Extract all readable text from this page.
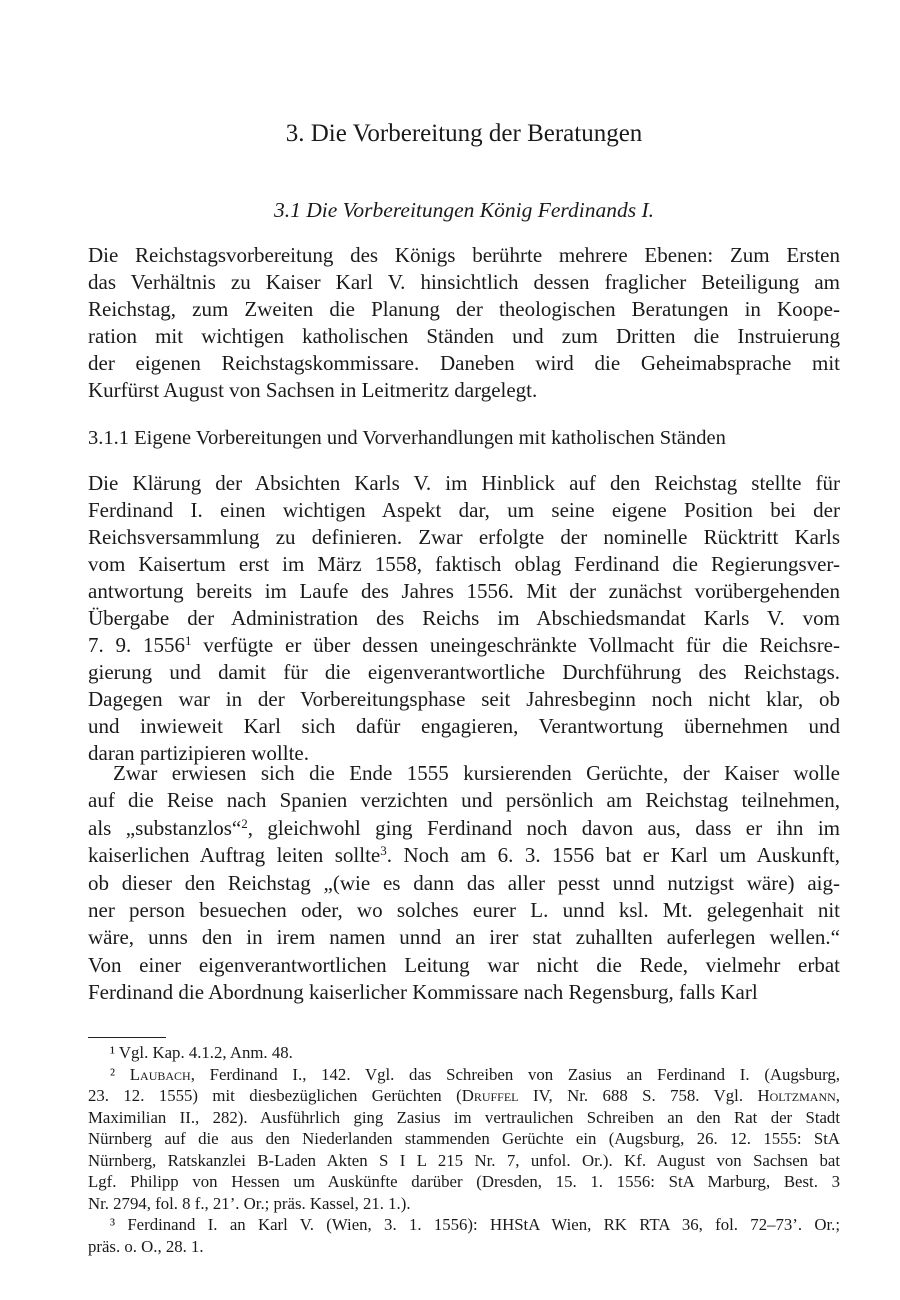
3. Die Vorbereitung der Beratungen
3.1 Die Vorbereitungen König Ferdinands I.
3.1.1 Eigene Vorbereitungen und Vorverhandlungen mit katholischen Ständen
Die Reichstagsvorbereitung des Königs berührte mehrere Ebenen: Zum Ersten
das Verhältnis zu Kaiser Karl V. hinsichtlich dessen fraglicher Beteiligung am
Reichstag, zum Zweiten die Planung der theologischen Beratungen in Koope-
ration mit wichtigen katholischen Ständen und zum Dritten die Instruierung
der eigenen Reichstagskommissare. Daneben wird die Geheimabsprache mit
Kurfürst August von Sachsen in Leitmeritz dargelegt.
Die Klärung der Absichten Karls V. im Hinblick auf den Reichstag stellte für
Ferdinand I. einen wichtigen Aspekt dar, um seine eigene Position bei der
Reichsversammlung zu definieren. Zwar erfolgte der nominelle Rücktritt Karls
vom Kaisertum erst im März 1558, faktisch oblag Ferdinand die Regierungsver-
antwortung bereits im Laufe des Jahres 1556. Mit der zunächst vorübergehenden
Übergabe der Administration des Reichs im Abschiedsmandat Karls V. vom
7. 9. 1556$^1$ verfügte er über dessen uneingeschränkte Vollmacht für die Reichsre-
gierung und damit für die eigenverantwortliche Durchführung des Reichstags.
Dagegen war in der Vorbereitungsphase seit Jahresbeginn noch nicht klar, ob
und inwieweit Karl sich dafür engagieren, Verantwortung übernehmen und
daran partizipieren wollte.
Zwar erwiesen sich die Ende 1555 kursierenden Gerüchte, der Kaiser wolle
auf die Reise nach Spanien verzichten und persönlich am Reichstag teilnehmen,
als „substanzlos“$^2$, gleichwohl ging Ferdinand noch davon aus, dass er ihn im
kaiserlichen Auftrag leiten sollte$^3$. Noch am 6. 3. 1556 bat er Karl um Auskunft,
ob dieser den Reichstag „(wie es dann das aller pesst unnd nutzigst wäre) aig-
ner person besuechen oder, wo solches eurer L. unnd ksl. Mt. gelegenhait nit
wäre, unns den in irem namen unnd an irer stat zuhallten auferlegen wellen.“
Von einer eigenverantwortlichen Leitung war nicht die Rede, vielmehr erbat
Ferdinand die Abordnung kaiserlicher Kommissare nach Regensburg, falls Karl
¹ Vgl. Kap. 4.1.2, Anm. 48.
² Laubach, Ferdinand I., 142. Vgl. das Schreiben von Zasius an Ferdinand I. (Augsburg,
23. 12. 1555) mit diesbezüglichen Gerüchten (Druffel IV, Nr. 688 S. 758. Vgl. Holtzmann,
Maximilian II., 282). Ausführlich ging Zasius im vertraulichen Schreiben an den Rat der Stadt
Nürnberg auf die aus den Niederlanden stammenden Gerüchte ein (Augsburg, 26. 12. 1555: StA
Nürnberg, Ratskanzlei B-Laden Akten S I L 215 Nr. 7, unfol. Or.). Kf. August von Sachsen bat
Lgf. Philipp von Hessen um Auskünfte darüber (Dresden, 15. 1. 1556: StA Marburg, Best. 3
Nr. 2794, fol. 8 f., 21’. Or.; präs. Kassel, 21. 1.).
³ Ferdinand I. an Karl V. (Wien, 3. 1. 1556): HHStA Wien, RK RTA 36, fol. 72–73’. Or.;
präs. o. O., 28. 1.
